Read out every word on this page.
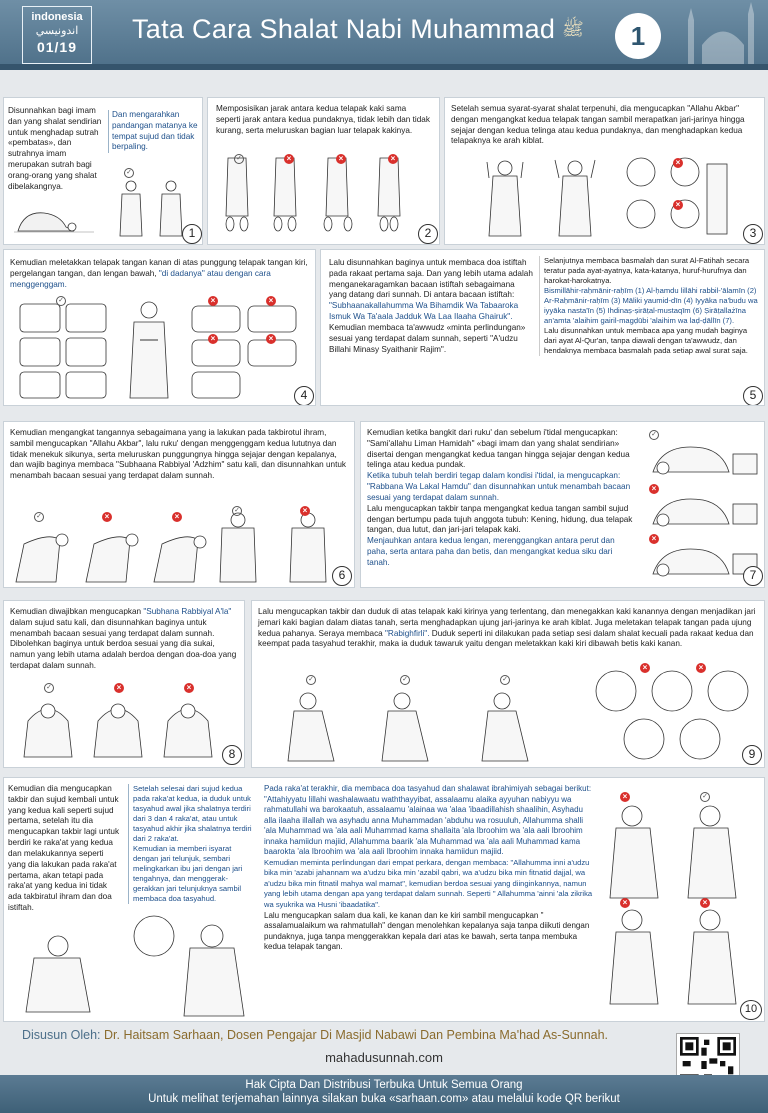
indonesia
اندونيسي
01/19
Tata Cara Shalat Nabi Muhammad ﷺ	1
Disunnahkan bagi imam dan yang shalat sendirian untuk menghadap sutrah «pembatas», dan sutrahnya imam merupakan sutrah bagi orang-orang yang shalat dibelakangnya.
Dan mengarahkan pandangan matanya ke tempat sujud dan tidak berpaling.
✓
1
Memposisikan jarak antara kedua telapak kaki sama seperti jarak antara kedua pundaknya, tidak lebih dan tidak kurang, serta meluruskan bagian luar telapak kakinya.
✓	×	×	×
2
Setelah semua syarat-syarat shalat terpenuhi, dia mengucapkan "Allahu Akbar" dengan mengangkat kedua telapak tangan sambil merapatkan jari-jarinya hingga sejajar dengan kedua telinga atau kedua pundaknya, dan menghadapkan kedua telapaknya ke arah kiblat.
×
×
3
Kemudian meletakkan telapak tangan kanan di atas punggung telapak tangan kiri, pergelangan tangan, dan lengan bawah, "di dadanya" atau dengan cara menggenggam.
✓	×	×
×	×
4
Lalu disunnahkan baginya untuk membaca doa istiftah pada rakaat pertama saja. Dan yang lebih utama adalah menganekaragamkan bacaan istiftah sebagaimana yang datang dari sunnah. Di antara bacaan istiftah:
"Subhaanakallahumma Wa Bihamdik Wa Tabaaroka Ismuk Wa Ta'aala Jadduk Wa Laa Ilaaha Ghairuk".
Kemudian membaca ta'awwudz «minta perlindungan» sesuai yang terdapat dalam sunnah, seperti "A'udzu Billahi Minasy Syaithanir Rajim".
Selanjutnya membaca basmalah dan surat Al-Fatihah secara teratur pada ayat-ayatnya, kata-katanya, huruf-hurufnya dan harokat-harokatnya.
Bismillāhir-raḥmānir-raḥīm (1) Al-ḥamdu lillāhi rabbil-'ālamīn (2) Ar-Raḥmānir-raḥīm (3) Māliki yaumid-dīn (4) Iyyāka na'budu wa iyyāka nasta'īn (5) Ihdinaṣ-ṣirāṭal-mustaqīm (6) Ṣirāṭallażīna an'amta 'alaihim gairil-magḍūbi 'alaihim wa laḍ-ḍāllīn (7).
Lalu disunnahkan untuk membaca apa yang mudah baginya dari ayat Al-Qur'an, tanpa diawali dengan ta'awwudz, dan hendaknya membaca basmalah pada setiap awal surat saja.
5
Kemudian mengangkat tangannya sebagaimana yang ia lakukan pada takbirotul ihram, sambil mengucapkan "Allahu Akbar", lalu ruku' dengan menggenggam kedua lututnya dan tidak menekuk sikunya, serta meluruskan punggungnya hingga sejajar dengan kepalanya, dan wajib baginya membaca "Subhaana Rabbiyal 'Adzhim" satu kali, dan disunnahkan untuk menambah bacaan sesuai yang terdapat dalam sunnah.
✓	×	×
✓	×
6
Kemudian ketika bangkit dari ruku' dan sebelum i'tidal mengucapkan: "Sami'allahu Liman Hamidah" «bagi imam dan yang shalat sendirian» disertai dengan mengangkat kedua tangan hingga sejajar dengan kedua telinga atau kedua pundak.
Ketika tubuh telah berdiri tegap dalam kondisi i'tidal, ia mengucapkan: "Rabbana Wa Lakal Hamdu" dan disunnahkan untuk menambah bacaan sesuai yang terdapat dalam sunnah.
Lalu mengucapkan takbir tanpa mengangkat kedua tangan sambil sujud dengan bertumpu pada tujuh anggota tubuh: Kening, hidung, dua telapak tangan, dua lutut, dan jari-jari telapak kaki.
Menjauhkan antara kedua lengan, merenggangkan antara perut dan paha, serta antara paha dan betis, dan mengangkat kedua siku dari tanah.
✓
×
×
7
Kemudian diwajibkan mengucapkan "Subhana Rabbiyal A'la" dalam sujud satu kali, dan disunnahkan baginya untuk menambah bacaan sesuai yang terdapat dalam sunnah. Dibolehkan baginya untuk berdoa sesuai yang dia sukai, namun yang lebih utama adalah berdoa dengan doa-doa yang terdapat dalam sunnah.
✓	×	×
8
Lalu mengucapkan takbir dan duduk di atas telapak kaki kirinya yang terlentang, dan menegakkan kaki kanannya dengan menjadikan jari jemari kaki bagian dalam diatas tanah, serta menghadapkan ujung jari-jarinya ke arah kiblat. Juga meletakan telapak tangan pada ujung kedua pahanya. Seraya membaca "Rabighfirli". Duduk seperti ini dilakukan pada setiap sesi dalam shalat kecuali pada rakaat kedua dan keempat pada tasyahud terakhir, maka ia duduk tawaruk yaitu dengan meletakkan kaki kiri dibawah betis kaki kanan.
✓	✓	✓
×	×
9
Kemudian dia mengucapkan takbir dan sujud kembali untuk yang kedua kali seperti sujud pertama, setelah itu dia mengucapkan takbir lagi untuk berdiri ke raka'at yang kedua dan melakukannya seperti yang dia lakukan pada raka'at pertama, akan tetapi pada raka'at yang kedua ini tidak ada takbiratul ihram dan doa istiftah.
Setelah selesai dari sujud kedua pada raka'at kedua, ia duduk untuk tasyahud awal jika shalatnya terdiri dari 3 dan 4 raka'at, atau untuk tasyahud akhir jika shalatnya terdiri dari 2 raka'at.
Kemudian ia memberi isyarat dengan jari telunjuk, sembari melingkarkan ibu jari dengan jari tengahnya, dan menggerak-gerakkan jari telunjuknya sambil membaca doa tasyahud.
Pada raka'at terakhir, dia membaca doa tasyahud dan shalawat ibrahimiyah sebagai berikut: "Attahiyyatu lillahi washalawaatu waththayyibat, assalaamu alaika ayyuhan nabiyyu wa rahmatullahi wa barokaatuh, assalaamu 'alainaa wa 'alaa 'ibaadillahish shaalihin, Asyhadu alla ilaaha illallah wa asyhadu anna Muhammadan 'abduhu wa rosuuluh, Allahumma shalli 'ala Muhammad wa 'ala aali Muhammad kama shallaita 'ala Ibroohim wa 'ala aali Ibroohim innaka hamiidun majiid, Allahumma baarik 'ala Muhammad wa 'ala aali Muhammad kama baarokta 'ala Ibroohim wa 'ala aali Ibroohim innaka hamiidun majiid.
Kemudian meminta perlindungan dari empat perkara, dengan membaca: "Allahumma inni a'udzu bika min 'azabi jahannam wa a'udzu bika min 'azabil qabri, wa a'udzu bika min fitnatid dajjal, wa a'udzu bika min fitnatil mahya wal mamat", kemudian berdoa sesuai yang diinginkannya, namun yang lebih utama dengan apa yang terdapat dalam sunnah. Seperti " Allahumma 'ainni 'ala zikrika wa syukrika wa Husni 'ibaadatika".
Lalu mengucapkan salam dua kali, ke kanan dan ke kiri sambil mengucapkan " assalamualaikum wa rahmatullah" dengan menolehkan kepalanya saja tanpa diikuti dengan pundaknya, juga tanpa menggerakkan kepala dari atas ke bawah, serta tanpa membuka kedua telapak tangan.
×	✓
×	×
10
Disusun Oleh: Dr. Haitsam Sarhaan, Dosen Pengajar Di Masjid Nabawi Dan Pembina Ma'had As-Sunnah.
mahadusunnah.com
Hak Cipta Dan Distribusi Terbuka Untuk Semua Orang
Untuk melihat terjemahan lainnya silakan buka «sarhaan.com» atau melalui kode QR berikut
